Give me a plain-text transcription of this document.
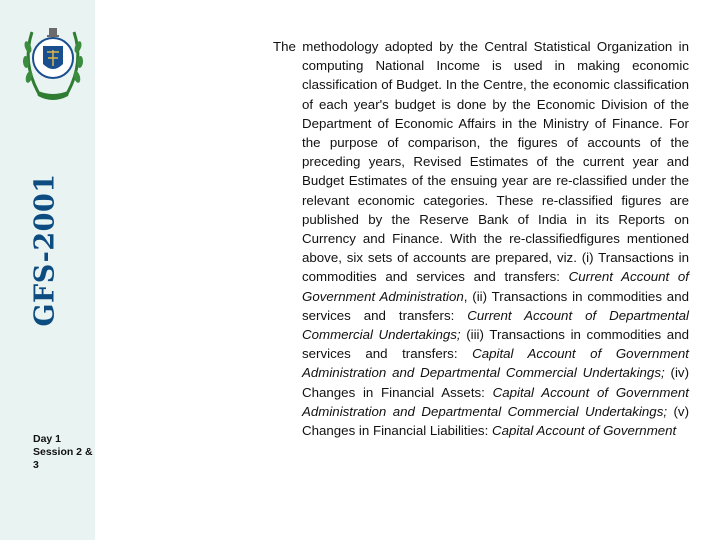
GFS-2001
Day 1
Session 2 &
3
The methodology adopted by the Central Statistical Organization in computing National Income is used in making economic classification of Budget. In the Centre, the economic classification of each year's budget is done by the Economic Division of the Department of Economic Affairs in the Ministry of Finance. For the purpose of comparison, the figures of accounts of the preceding years, Revised Estimates of the current year and Budget Estimates of the ensuing year are re-classified under the relevant economic categories. These re-classified figures are published by the Reserve Bank of India in its Reports on Currency and Finance. With the re-classifiedfigures mentioned above, six sets of accounts are prepared, viz. (i) Transactions in commodities and services and transfers: Current Account of Government Administration, (ii) Transactions in commodities and services and transfers: Current Account of Departmental Commercial Undertakings; (iii) Transactions in commodities and services and transfers: Capital Account of Government Administration and Departmental Commercial Undertakings; (iv) Changes in Financial Assets: Capital Account of Government Administration and Departmental Commercial Undertakings; (v) Changes in Financial Liabilities: Capital Account of Government
